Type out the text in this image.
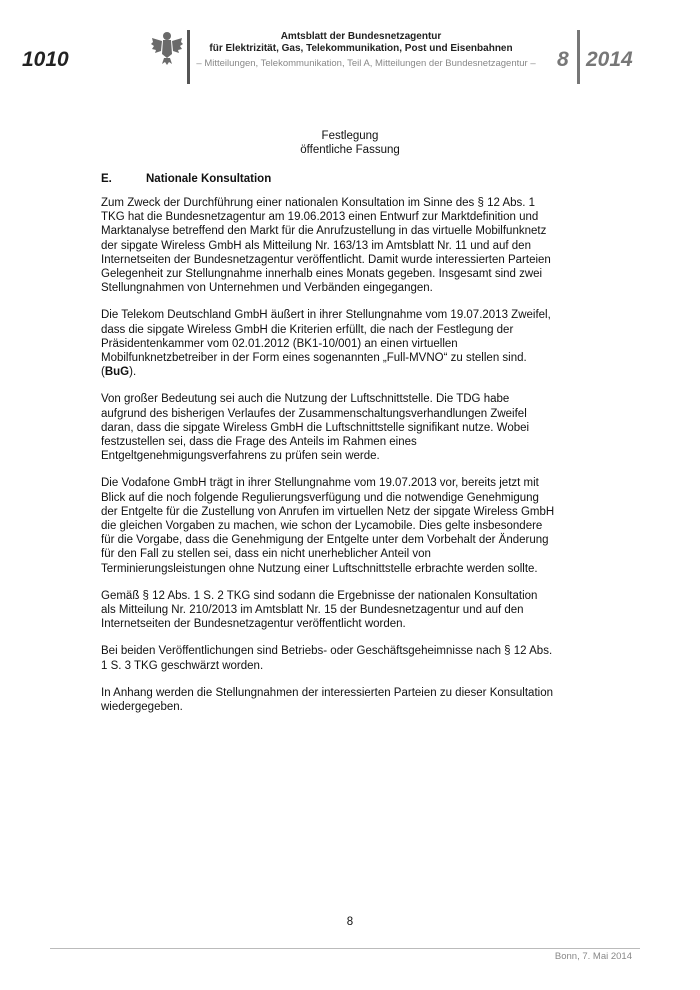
1010
Amtsblatt der Bundesnetzagentur
für Elektrizität, Gas, Telekommunikation, Post und Eisenbahnen
– Mitteilungen, Telekommunikation, Teil A, Mitteilungen der Bundesnetzagentur – 8 2014
Festlegung
öffentliche Fassung
E.	Nationale Konsultation

Zum Zweck der Durchführung einer nationalen Konsultation im Sinne des § 12 Abs. 1 TKG hat die Bundesnetzagentur am 19.06.2013 einen Entwurf zur Marktdefinition und Marktanalyse betreffend den Markt für die Anrufzustellung in das virtuelle Mobilfunknetz der sipgate Wireless GmbH als Mitteilung Nr. 163/13 im Amtsblatt Nr. 11 und auf den Internetseiten der Bundesnetzagentur veröffentlicht. Damit wurde interessierten Parteien Gelegenheit zur Stellungnahme innerhalb eines Monats gegeben. Insgesamt sind zwei Stellungnahmen von Unternehmen und Verbänden eingegangen.

Die Telekom Deutschland GmbH äußert in ihrer Stellungnahme vom 19.07.2013 Zweifel, dass die sipgate Wireless GmbH die Kriterien erfüllt, die nach der Festlegung der Präsidentenkammer vom 02.01.2012 (BK1-10/001) an einen virtuellen Mobilfunknetzbetreiber in der Form eines sogenannten „Full-MVNO“ zu stellen sind. (BuG).

Von großer Bedeutung sei auch die Nutzung der Luftschnittstelle. Die TDG habe aufgrund des bisherigen Verlaufes der Zusammenschaltungsverhandlungen Zweifel daran, dass die sipgate Wireless GmbH die Luftschnittstelle signifikant nutze. Wobei festzustellen sei, dass die Frage des Anteils im Rahmen eines Entgeltgenehmigungsverfahrens zu prüfen sein werde.

Die Vodafone GmbH trägt in ihrer Stellungnahme vom 19.07.2013 vor, bereits jetzt mit Blick auf die noch folgende Regulierungsverfügung und die notwendige Genehmigung der Entgelte für die Zustellung von Anrufen im virtuellen Netz der sipgate Wireless GmbH die gleichen Vorgaben zu machen, wie schon der Lycamobile. Dies gelte insbesondere für die Vorgabe, dass die Genehmigung der Entgelte unter dem Vorbehalt der Änderung für den Fall zu stellen sei, dass ein nicht unerheblicher Anteil von Terminierungsleistungen ohne Nutzung einer Luftschnittstelle erbrachte werden sollte.

Gemäß § 12 Abs. 1 S. 2 TKG sind sodann die Ergebnisse der nationalen Konsultation als Mitteilung Nr. 210/2013 im Amtsblatt Nr. 15 der Bundesnetzagentur und auf den Internetseiten der Bundesnetzagentur veröffentlicht worden.

Bei beiden Veröffentlichungen sind Betriebs- oder Geschäftsgeheimnisse nach § 12 Abs. 1 S. 3 TKG geschwärzt worden.

In Anhang werden die Stellungnahmen der interessierten Parteien zu dieser Konsultation wiedergegeben.

8
Bonn, 7. Mai 2014
